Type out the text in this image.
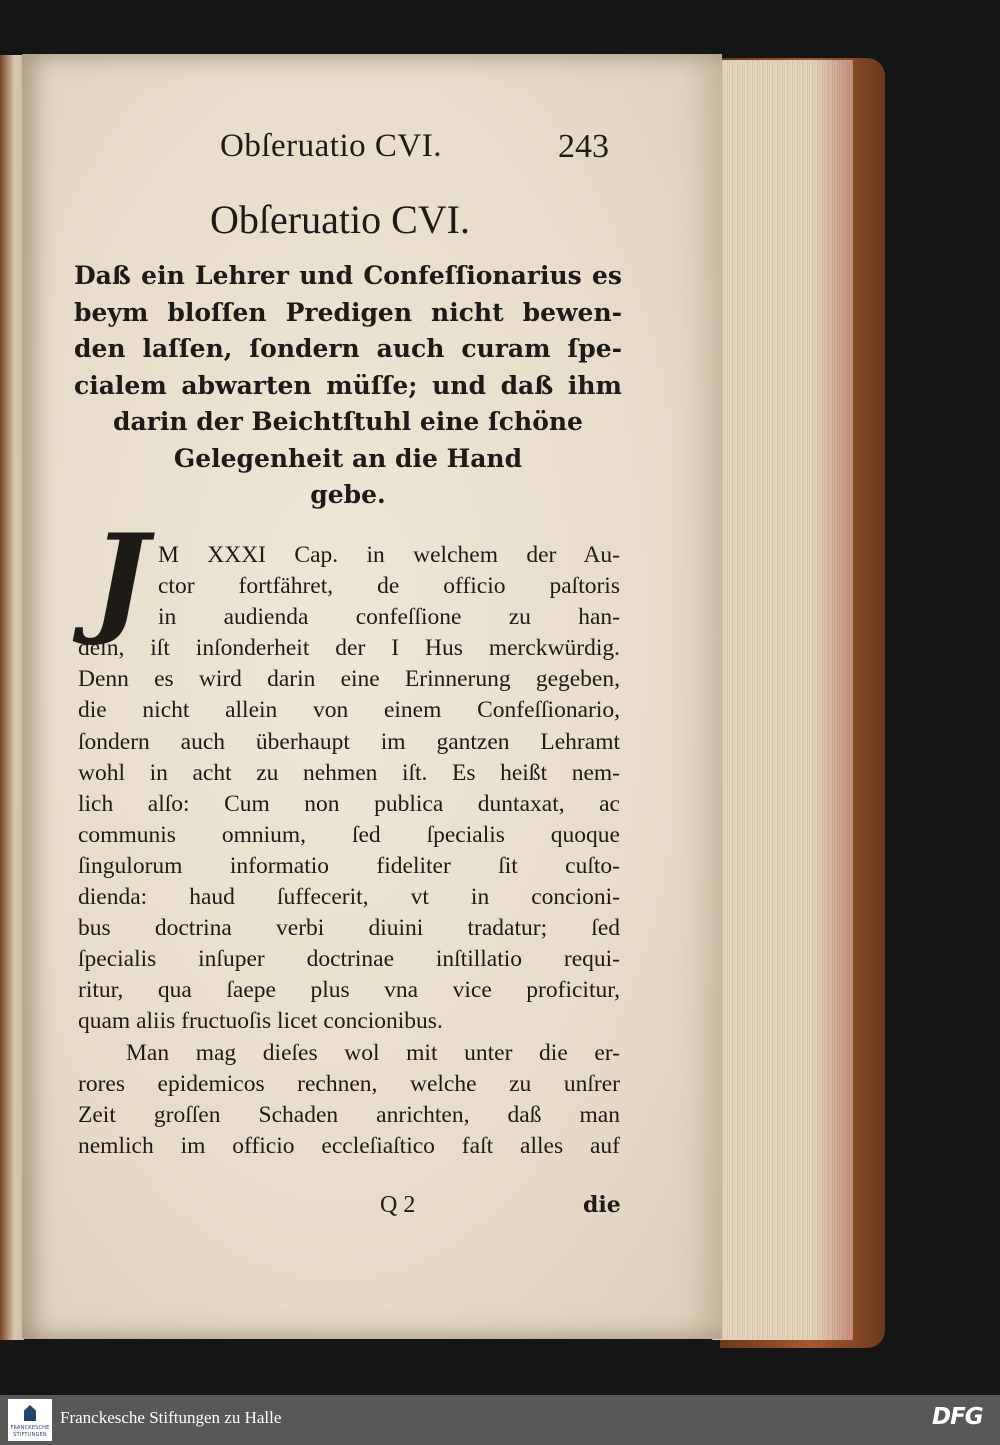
Obſeruatio CVI.	243
Obſeruatio CVI.
Daß ein Lehrer und Confeſſionarius es
beym bloſſen Predigen nicht bewen-
den laſſen, ſondern auch curam ſpe-
cialem abwarten müſſe; und daß ihm
darin der Beichtſtuhl eine ſchöne
Gelegenheit an die Hand
gebe.
J M XXXI Cap. in welchem der Au-
ctor fortfähret, de officio paſtoris
in audienda confeſſione zu han-
deln, iſt inſonderheit der I Hus merckwürdig.
Denn es wird darin eine Erinnerung gegeben,
die nicht allein von einem Confeſſionario,
ſondern auch überhaupt im gantzen Lehramt
wohl in acht zu nehmen iſt. Es heißt nem-
lich alſo: Cum non publica duntaxat, ac
communis omnium, ſed ſpecialis quoque
ſingulorum informatio fideliter ſit cuſto-
dienda: haud ſuffecerit, vt in concioni-
bus doctrina verbi diuini tradatur; ſed
ſpecialis inſuper doctrinae inſtillatio requi-
ritur, qua ſaepe plus vna vice proficitur,
quam aliis fructuoſis licet concionibus.
Man mag dieſes wol mit unter die er-
rores epidemicos rechnen, welche zu unſrer
Zeit groſſen Schaden anrichten, daß man
nemlich im officio eccleſiaſtico faſt alles auf
Q 2	die
FRANCKESCHE
STIFTUNGEN
Franckesche Stiftungen zu Halle	DFG
